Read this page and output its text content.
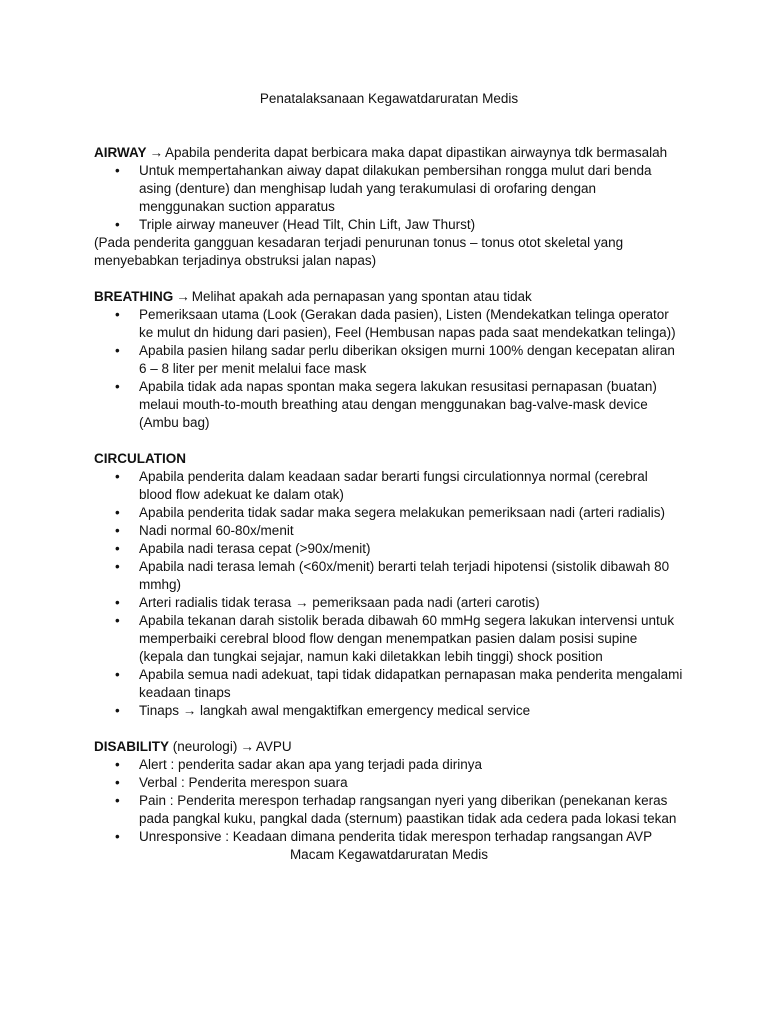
Penatalaksanaan Kegawatdaruratan Medis

AIRWAY → Apabila penderita dapat berbicara maka dapat dipastikan airwaynya tdk bermasalah

• Untuk mempertahankan aiway dapat dilakukan pembersihan rongga mulut dari benda asing (denture) dan menghisap ludah yang terakumulasi di orofaring dengan menggunakan suction apparatus
• Triple airway maneuver (Head Tilt, Chin Lift, Jaw Thurst)

(Pada penderita gangguan kesadaran terjadi penurunan tonus – tonus otot skeletal yang menyebabkan terjadinya obstruksi jalan napas)

BREATHING → Melihat apakah ada pernapasan yang spontan atau tidak

• Pemeriksaan utama (Look (Gerakan dada pasien), Listen (Mendekatkan telinga operator ke mulut dn hidung dari pasien), Feel (Hembusan napas pada saat mendekatkan telinga))
• Apabila pasien hilang sadar perlu diberikan oksigen murni 100% dengan kecepatan aliran 6 – 8 liter per menit melalui face mask
• Apabila tidak ada napas spontan maka segera lakukan resusitasi pernapasan (buatan) melaui mouth-to-mouth breathing atau dengan menggunakan bag-valve-mask device (Ambu bag)

CIRCULATION

• Apabila penderita dalam keadaan sadar berarti fungsi circulationnya normal (cerebral blood flow adekuat ke dalam otak)
• Apabila penderita tidak sadar maka segera melakukan pemeriksaan nadi (arteri radialis)
• Nadi normal 60-80x/menit
• Apabila nadi terasa cepat (>90x/menit)
• Apabila nadi terasa lemah (<60x/menit) berarti telah terjadi hipotensi (sistolik dibawah 80 mmhg)
• Arteri radialis tidak terasa → pemeriksaan pada nadi (arteri carotis)
• Apabila tekanan darah sistolik berada dibawah 60 mmHg segera lakukan intervensi untuk memperbaiki cerebral blood flow dengan menempatkan pasien dalam posisi supine (kepala dan tungkai sejajar, namun kaki diletakkan lebih tinggi) shock position
• Apabila semua nadi adekuat, tapi tidak didapatkan pernapasan maka penderita mengalami keadaan tinaps
• Tinaps → langkah awal mengaktifkan emergency medical service

DISABILITY (neurologi) → AVPU

• Alert : penderita sadar akan apa yang terjadi pada dirinya
• Verbal : Penderita merespon suara
• Pain : Penderita merespon terhadap rangsangan nyeri yang diberikan (penekanan keras pada pangkal kuku, pangkal dada (sternum) paastikan tidak ada cedera pada lokasi tekan
• Unresponsive : Keadaan dimana penderita tidak merespon terhadap rangsangan AVP

Macam Kegawatdaruratan Medis
